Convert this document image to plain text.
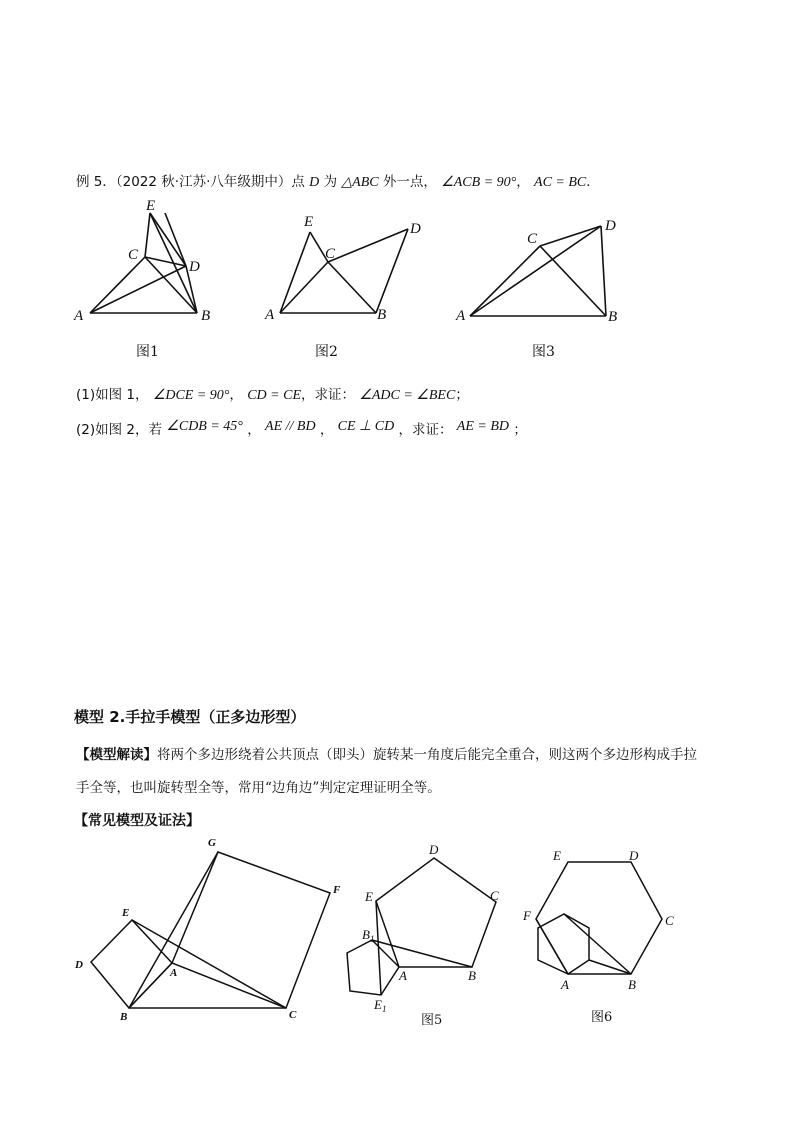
例 5．（2022 秋·江苏·八年级期中）点 D 为 △ABC 外一点， ∠ACB = 90°， AC = BC．
E
C
D
A	B
E
C
D
A	B
C
D
A	B
图1	图2	图3
(1)如图 1， ∠DCE = 90°， CD = CE，求证： ∠ADC = ∠BEC；
(2)如图 2，若 ∠CDB = 45° ， AE // BD ， CE ⊥ CD ，求证： AE = BD ；
模型 2.手拉手模型（正多边形型）
【模型解读】将两个多边形绕着公共顶点（即头）旋转某一角度后能完全重合，则这两个多边形构成手拉
手全等，也叫旋转型全等，常用“边角边”判定定理证明全等。
【常见模型及证法】
G
F
E
D
A
B	C
D
E	C
$B_1$
A	B
$E_1$
图5
E	D
F	C
A	B
图6
